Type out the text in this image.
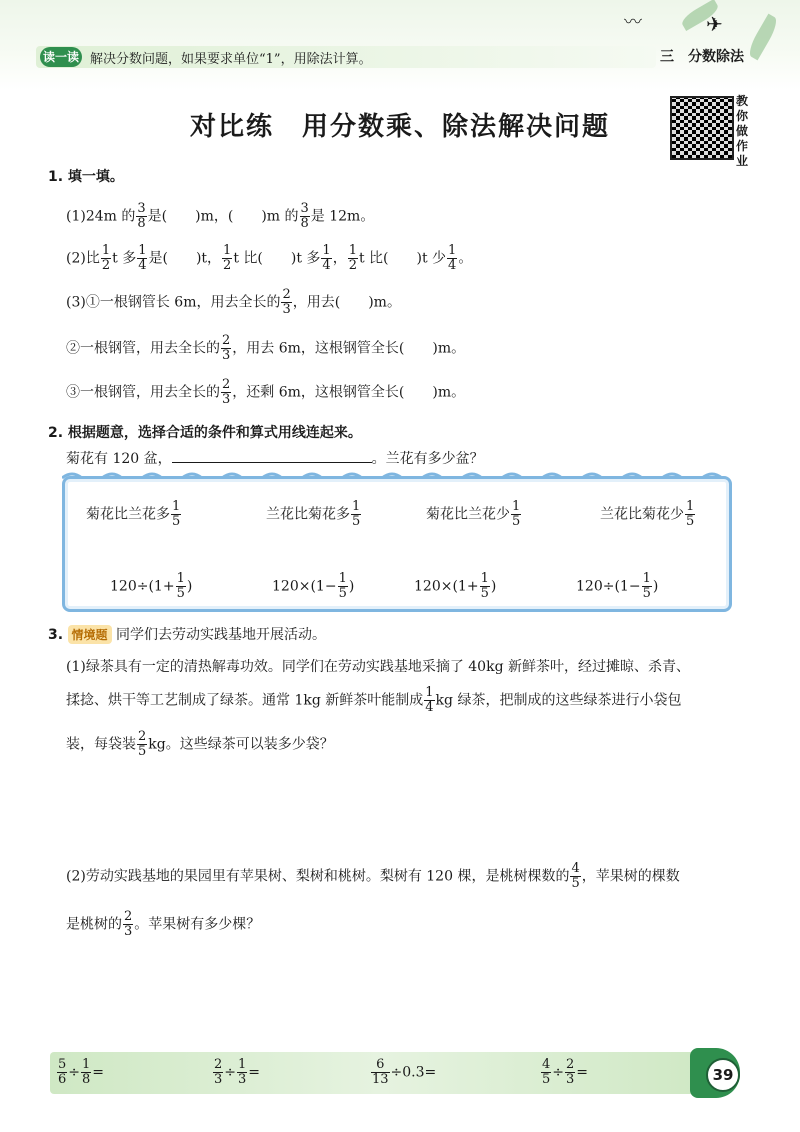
〰	✈
读一读 解决分数问题，如果要求单位“1”，用除法计算。	三　分数除法
对比练　用分数乘、除法解决问题
教
你
做
作
业
1. 填一填。
(1)24m 的 $\frac{3}{8}$ 是(　　)m，(　　)m 的 $\frac{3}{8}$ 是 12m。
(2)比 $\frac{1}{2}$ t 多 $\frac{1}{4}$ 是(　　)t， $\frac{1}{2}$ t 比(　　)t 多 $\frac{1}{4}$ ， $\frac{1}{2}$ t 比(　　)t 少 $\frac{1}{4}$ 。
(3)①一根钢管长 6m，用去全长的 $\frac{2}{3}$ ，用去(　　)m。
②一根钢管，用去全长的 $\frac{2}{3}$ ，用去 6m，这根钢管全长(　　)m。
③一根钢管，用去全长的 $\frac{2}{3}$ ，还剩 6m，这根钢管全长(　　)m。
2. 根据题意，选择合适的条件和算式用线连起来。
菊花有 120 盆，	。兰花有多少盆？
菊花比兰花多 $\frac{1}{5}$	兰花比菊花多 $\frac{1}{5}$	菊花比兰花少 $\frac{1}{5}$	兰花比菊花少 $\frac{1}{5}$
$120\div(1+ \frac{1}{5}$ )	$120\times(1- \frac{1}{5}$ )	$120\times(1+ \frac{1}{5}$ )	$120\div(1- \frac{1}{5}$ )
3. 情境题 同学们去劳动实践基地开展活动。
(1)绿茶具有一定的清热解毒功效。同学们在劳动实践基地采摘了 40kg 新鲜茶叶，经过摊晾、杀青、
揉捻、烘干等工艺制成了绿茶。通常 1kg 新鲜茶叶能制成 $\frac{1}{4}$ kg 绿茶，把制成的这些绿茶进行小袋包
装，每袋装 $\frac{2}{5}$ kg。这些绿茶可以装多少袋？
(2)劳动实践基地的果园里有苹果树、梨树和桃树。梨树有 120 棵，是桃树棵数的 $\frac{4}{5}$ ，苹果树的棵数
是桃树的 $\frac{2}{3}$ 。苹果树有多少棵？
$\frac{5}{6} \div \frac{1}{8}$ =	$\frac{2}{3} \div \frac{1}{3}$ =	$\frac{6}{13} \div 0.3=$	$\frac{4}{5} \div \frac{2}{3}$ =	39
